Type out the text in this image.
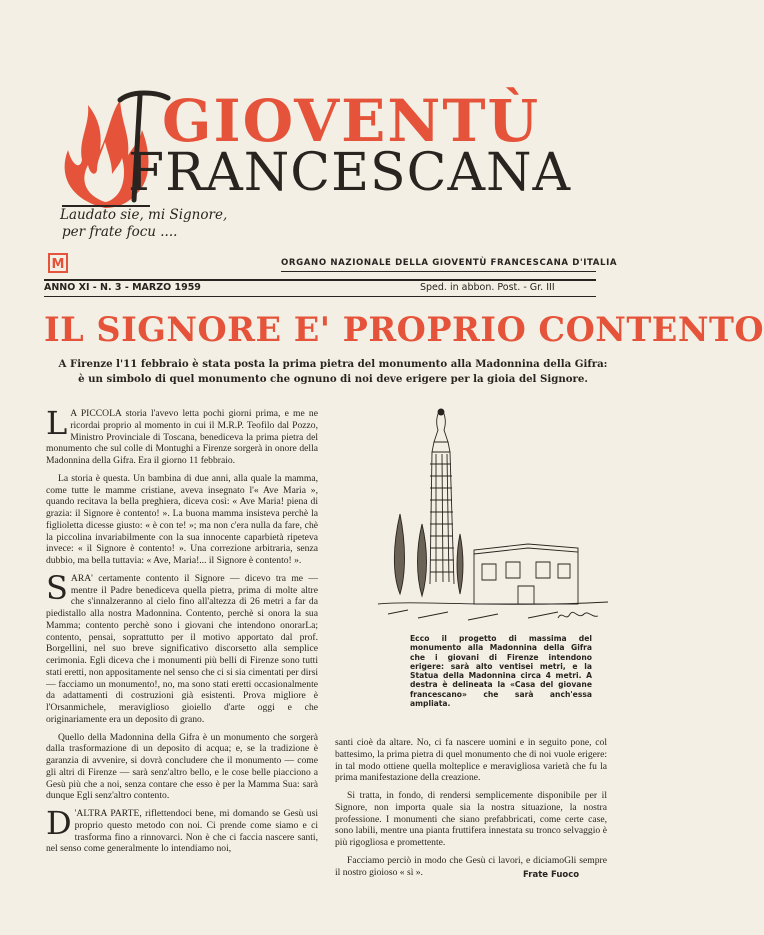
GIOVENTÙ
FRANCESCANA
Laudato sie, mi Signore,
per frate focu ....
M	ORGANO NAZIONALE DELLA GIOVENTÙ FRANCESCANA D'ITALIA
ANNO XI - N. 3 - MARZO 1959	Sped. in abbon. Post. - Gr. III
IL SIGNORE E' PROPRIO CONTENTO
A Firenze l'11 febbraio è stata posta la prima pietra del monumento alla Madonnina della Gifra:
è un simbolo di quel monumento che ognuno di noi deve erigere per la gioia del Signore.

L A PICCOLA storia l'avevo letta pochi giorni prima, e me ne ricordai proprio al momento in cui il M.R.P. Teofilo dal Pozzo, Ministro Provinciale di Toscana, benediceva la prima pietra del monumento che sul colle di Montughi a Firenze sorgerà in onore della Madonnina della Gifra. Era il giorno 11 febbraio.

La storia è questa. Un bambina di due anni, alla quale la mamma, come tutte le mamme cristiane, aveva insegnato l'« Ave Maria », quando recitava la bella preghiera, diceva così: « Ave Maria! piena di grazia: il Signore è contento! ». La buona mamma insisteva perchè la figlioletta dicesse giusto: « è con te! »; ma non c'era nulla da fare, chè la piccolina invariabilmente con la sua innocente caparbietà ripeteva invece: « il Signore è contento! ». Una correzione arbitraria, senza dubbio, ma bella tuttavia: « Ave, Maria!... il Signore è contento! ».

SARA' certamente contento il Signore — dicevo tra me — mentre il Padre benediceva quella pietra, prima di molte altre che s'innalzeranno al cielo fino all'altezza di 26 metri a far da piedistallo alla nostra Madonnina. Contento, perchè si onora la sua Mamma; contento perchè sono i giovani che intendono onorarLa; contento, pensai, soprattutto per il motivo apportato dal prof. Borgellini, nel suo breve significativo discorsetto alla semplice cerimonia. Egli diceva che i monumenti più belli di Firenze sono tutti stati eretti, non appositamente nel senso che ci si sia cimentati per dirsi — facciamo un monumento!, no, ma sono stati eretti occasionalmente da adattamenti di costruzioni già esistenti. Prova migliore è l'Orsanmichele, meraviglioso gioiello d'arte oggi e che originariamente era un deposito di grano.

Quello della Madonnina della Gifra è un monumento che sorgerà dalla trasformazione di un deposito di acqua; e, se la tradizione è garanzia di avvenire, si dovrà concludere che il monumento — come gli altri di Firenze — sarà senz'altro bello, e le cose belle piacciono a Gesù più che a noi, senza contare che esso è per la Mamma Sua: sarà dunque Egli senz'altro contento.

D 'ALTRA PARTE, riflettendoci bene, mi domando se Gesù usi proprio questo metodo con noi. Ci prende come siamo e ci trasforma fino a rinnovarci. Non è che ci faccia nascere santi, nel senso come generalmente lo intendiamo noi,

Ecco il progetto di massima del monumento alla Madonnina della Gifra che i giovani di Firenze intendono erigere: sarà alto ventisei metri, e la Statua della Madonnina circa 4 metri. A destra è delineata la «Casa del giovane francescano» che sarà anch'essa ampliata.

santi cioè da altare. No, ci fa nascere uomini e in seguito pone, col battesimo, la prima pietra di quel monumento che di noi vuole erigere: in tal modo ottiene quella molteplice e meravigliosa varietà che fu la prima manifestazione della creazione.

Si tratta, in fondo, di rendersi semplicemente disponibile per il Signore, non importa quale sia la nostra situazione, la nostra professione. I monumenti che siano prefabbricati, come certe case, sono labili, mentre una pianta fruttifera innestata su tronco selvaggio è più rigogliosa e promettente.

Facciamo perciò in modo che Gesù ci lavori, e diciamoGli sempre il nostro gioioso « sì ».	Frate Fuoco
